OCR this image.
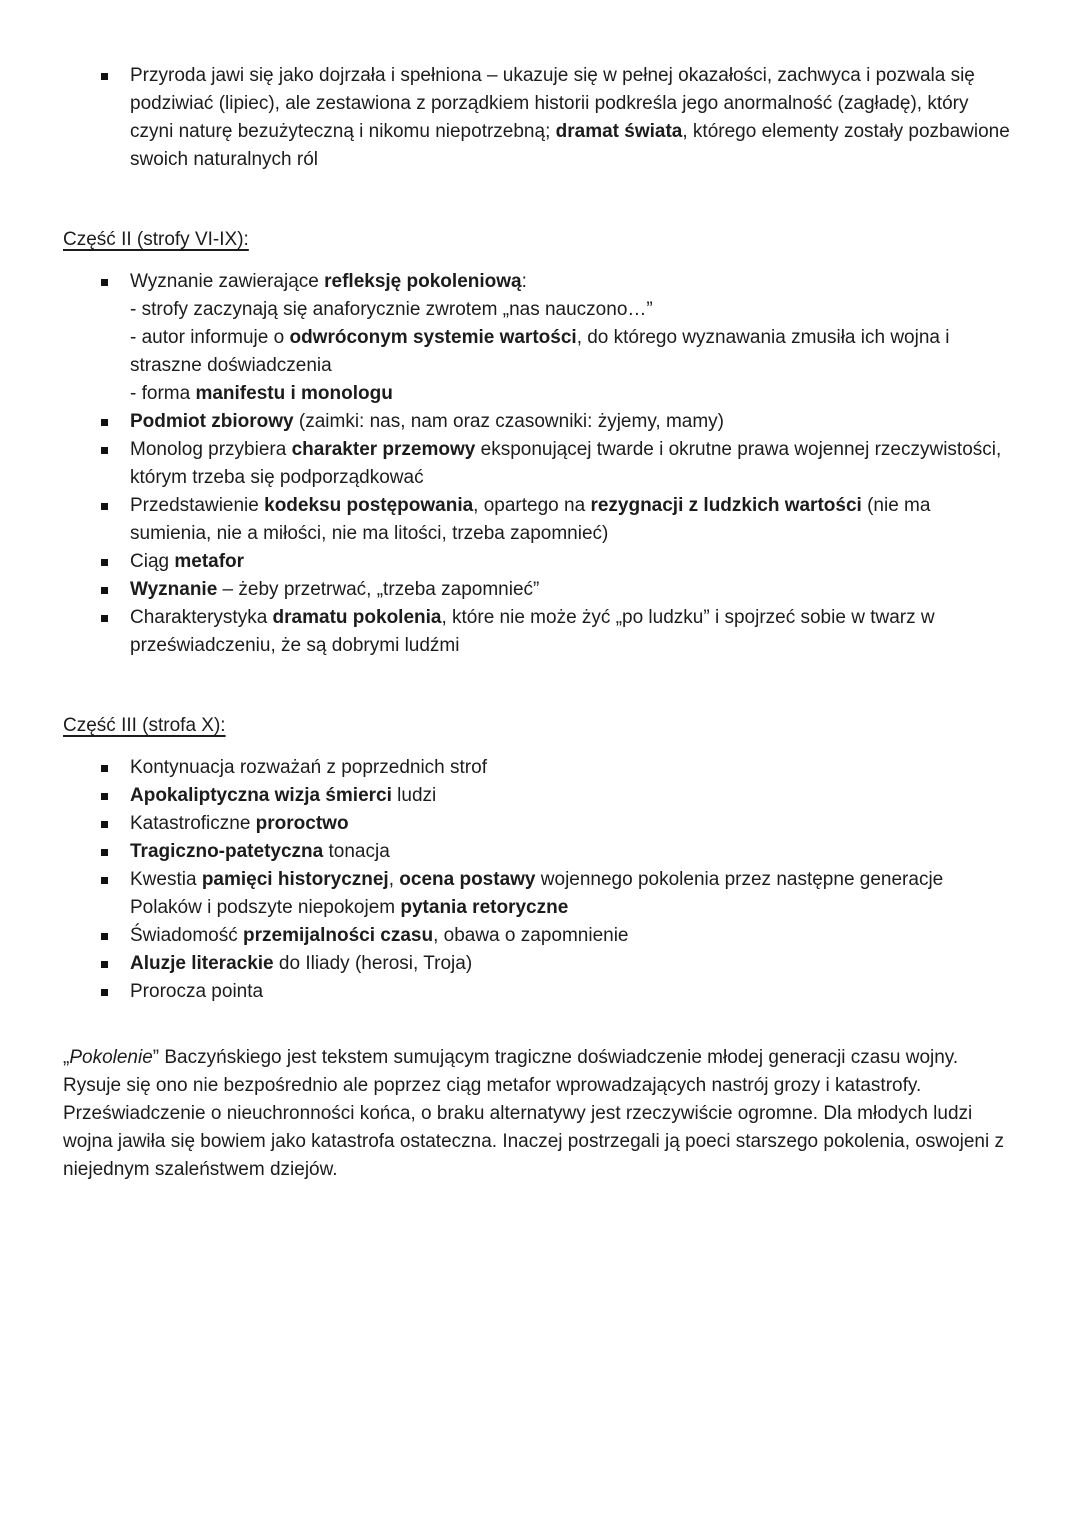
Przyroda jawi się jako dojrzała i spełniona – ukazuje się w pełnej okazałości, zachwyca i pozwala się podziwiać (lipiec), ale zestawiona z porządkiem historii podkreśla jego anormalność (zagładę), który czyni naturę bezużyteczną i nikomu niepotrzebną; dramat świata, którego elementy zostały pozbawione swoich naturalnych ról
Część II (strofy VI-IX):
Wyznanie zawierające refleksję pokoleniową:
- strofy zaczynają się anaforycznie zwrotem „nas nauczono…”
- autor informuje o odwróconym systemie wartości, do którego wyznawania zmusiła ich wojna i straszne doświadczenia
- forma manifestu i monologu
Podmiot zbiorowy (zaimki: nas, nam oraz czasowniki: żyjemy, mamy)
Monolog przybiera charakter przemowy eksponującej twarde i okrutne prawa wojennej rzeczywistości, którym trzeba się podporządkować
Przedstawienie kodeksu postępowania, opartego na rezygnacji z ludzkich wartości (nie ma sumienia, nie a miłości, nie ma litości, trzeba zapomnieć)
Ciąg metafor
Wyznanie – żeby przetrwać, „trzeba zapomnieć”
Charakterystyka dramatu pokolenia, które nie może żyć „po ludzku” i spojrzeć sobie w twarz w przeświadczeniu, że są dobrymi ludźmi
Część III (strofa X):
Kontynuacja rozważań z poprzednich strof
Apokaliptyczna wizja śmierci ludzi
Katastroficzne proroctwo
Tragiczno-patetyczna tonacja
Kwestia pamięci historycznej, ocena postawy wojennego pokolenia przez następne generacje Polaków i podszyte niepokojem pytania retoryczne
Świadomość przemijalności czasu, obawa o zapomnienie
Aluzje literackie do Iliady (herosi, Troja)
Prorocza pointa
„Pokolenie” Baczyńskiego jest tekstem sumującym tragiczne doświadczenie młodej generacji czasu wojny. Rysuje się ono nie bezpośrednio ale poprzez ciąg metafor wprowadzających nastrój grozy i katastrofy. Przeświadczenie o nieuchronności końca, o braku alternatywy jest rzeczywiście ogromne. Dla młodych ludzi wojna jawiła się bowiem jako katastrofa ostateczna. Inaczej postrzegali ją poeci starszego pokolenia, oswojeni z niejednym szaleństwem dziejów.
